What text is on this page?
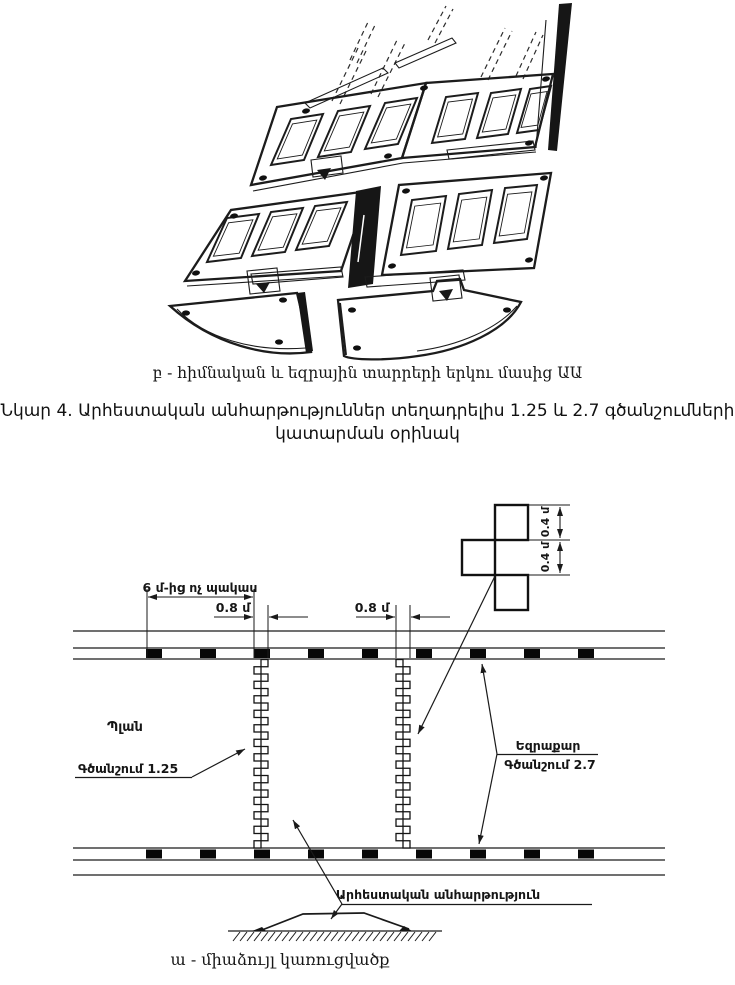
բ - հիմնական և եզրային տարրերի երկու մասից ԱԱ
Նկար 4. Արհեստական անհարթություններ տեղադրելիս 1.25 և 2.7 գծանշումների
կատարման օրինակ
0.4 մ
0.4 մ
6 մ-ից ոչ պակաս
0.8 մ	0.8 մ
Պլան
Գծանշում 1.25
Եզրաքար
Գծանշում 2.7
Արհեստական անհարթություն
ա - միաձույլ կառուցվածք
